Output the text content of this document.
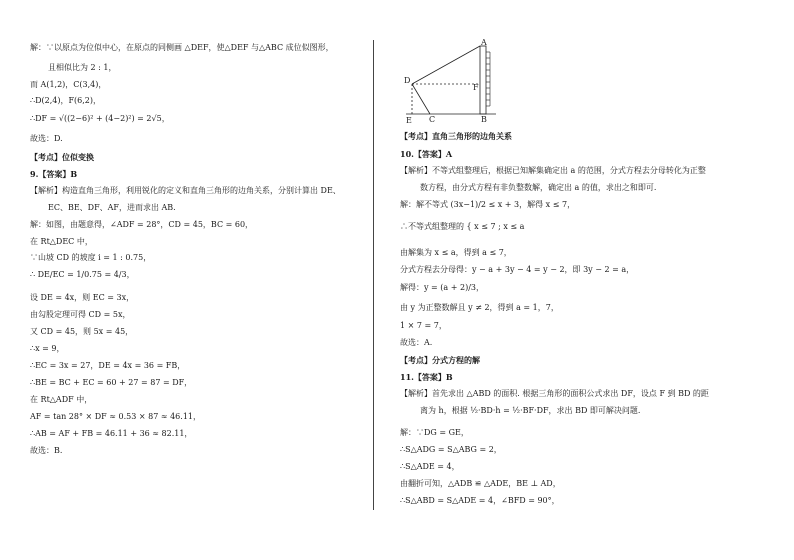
解：∵以原点为位似中心，在原点的同侧画 △DEF，使△DEF 与△ABC 成位似图形，
且相似比为 2 : 1，
而 A(1,2)，C(3,4)，
∴D(2,4)，F(6,2)，
∴DF = √((2−6)² + (4−2)²) = 2√5，
故选：D.
【考点】位似变换
9.【答案】B
【解析】构造直角三角形，利用锐化的定义和直角三角形的边角关系，分别计算出 DE、
EC、BE、DF、AF，进而求出 AB.
解：如图，由题意得，∠ADF = 28°，CD = 45，BC = 60，
在 Rt△DEC 中，
∵山坡 CD 的坡度 i = 1 : 0.75，
∴ DE/EC = 1/0.75 = 4/3，
设 DE = 4x，则 EC = 3x，
由勾股定理可得 CD = 5x，
又 CD = 45，则 5x = 45，
∴x = 9，
∴EC = 3x = 27，DE = 4x = 36 = FB，
∴BE = BC + EC = 60 + 27 = 87 = DF，
在 Rt△ADF 中，
AF = tan 28° × DF ≈ 0.53 × 87 ≈ 46.11，
∴AB = AF + FB = 46.11 + 36 ≈ 82.11，
故选：B.
A
D
F
E C	B
【考点】直角三角形的边角关系
10.【答案】A
【解析】不等式组整理后，根据已知解集确定出 a 的范围，分式方程去分母转化为正整
数方程，由分式方程有非负整数解，确定出 a 的值，求出之和即可.
解：解不等式 (3x−1)/2 ≤ x + 3，解得 x ≤ 7，
∴不等式组整理的 { x ≤ 7 ; x ≤ a
由解集为 x ≤ a，得到 a ≤ 7，
分式方程去分母得：y − a + 3y − 4 = y − 2，即 3y − 2 = a，
解得：y = (a + 2)/3，
由 y 为正整数解且 y ≠ 2，得到 a = 1，7，
1 × 7 = 7，
故选：A.
【考点】分式方程的解
11.【答案】B
【解析】首先求出 △ABD 的面积. 根据三角形的面积公式求出 DF，设点 F 到 BD 的距
离为 h，根据 ½·BD·h = ½·BF·DF，求出 BD 即可解决问题.
解：∵DG = GE，
∴S△ADG = S△ABG = 2，
∴S△ADE = 4，
由翻折可知，△ADB ≌ △ADE，BE ⊥ AD，
∴S△ABD = S△ADE = 4，∠BFD = 90°，
